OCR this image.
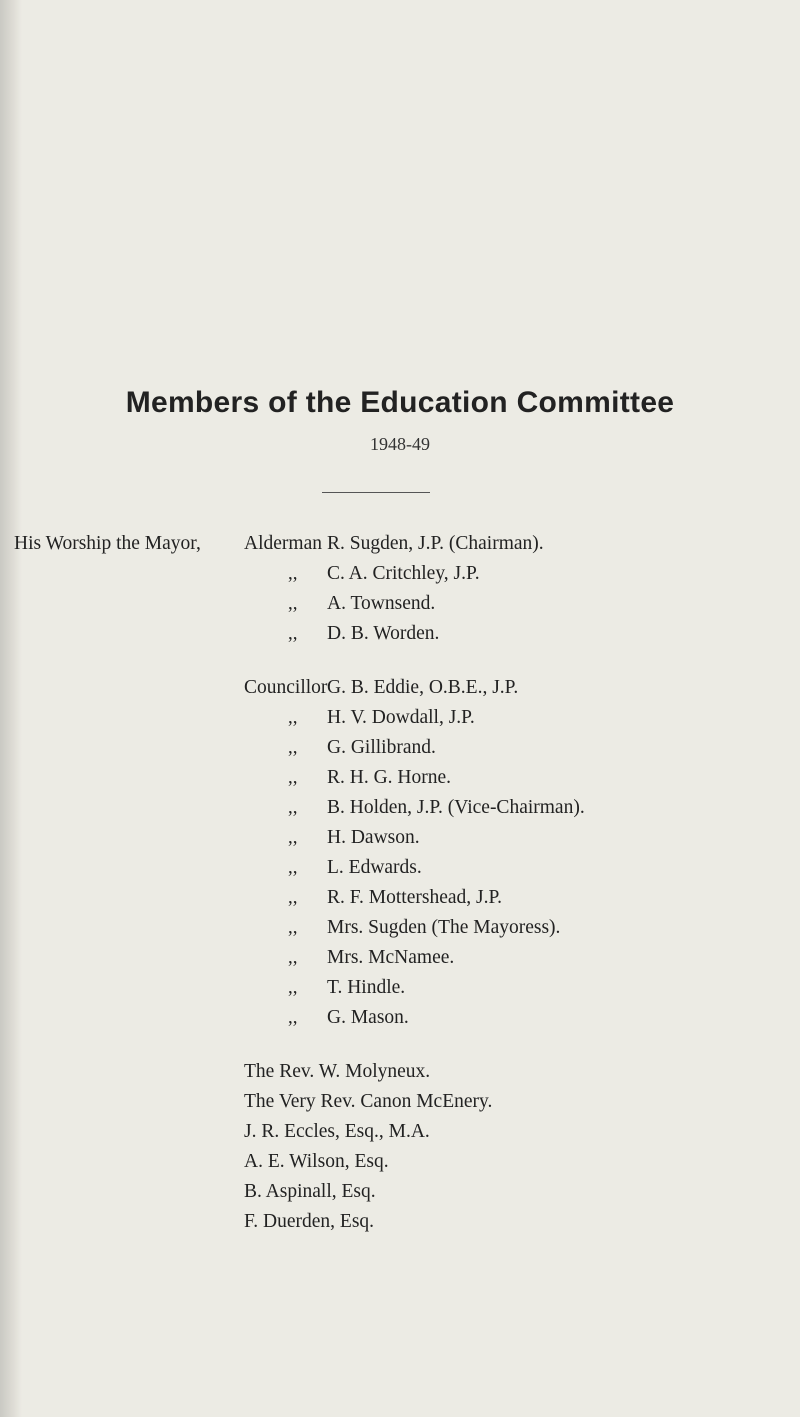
Members of the Education Committee
1948-49
His Worship the Mayor, Alderman R. Sugden, J.P. (Chairman).
,, C. A. Critchley, J.P.
,, A. Townsend.
,, D. B. Worden.
Councillor G. B. Eddie, O.B.E., J.P.
,, H. V. Dowdall, J.P.
,, G. Gillibrand.
,, R. H. G. Horne.
,, B. Holden, J.P. (Vice-Chairman).
,, H. Dawson.
,, L. Edwards.
,, R. F. Mottershead, J.P.
,, Mrs. Sugden (The Mayoress).
,, Mrs. McNamee.
,, T. Hindle.
,, G. Mason.
The Rev. W. Molyneux.
The Very Rev. Canon McEnery.
J. R. Eccles, Esq., M.A.
A. E. Wilson, Esq.
B. Aspinall, Esq.
F. Duerden, Esq.
